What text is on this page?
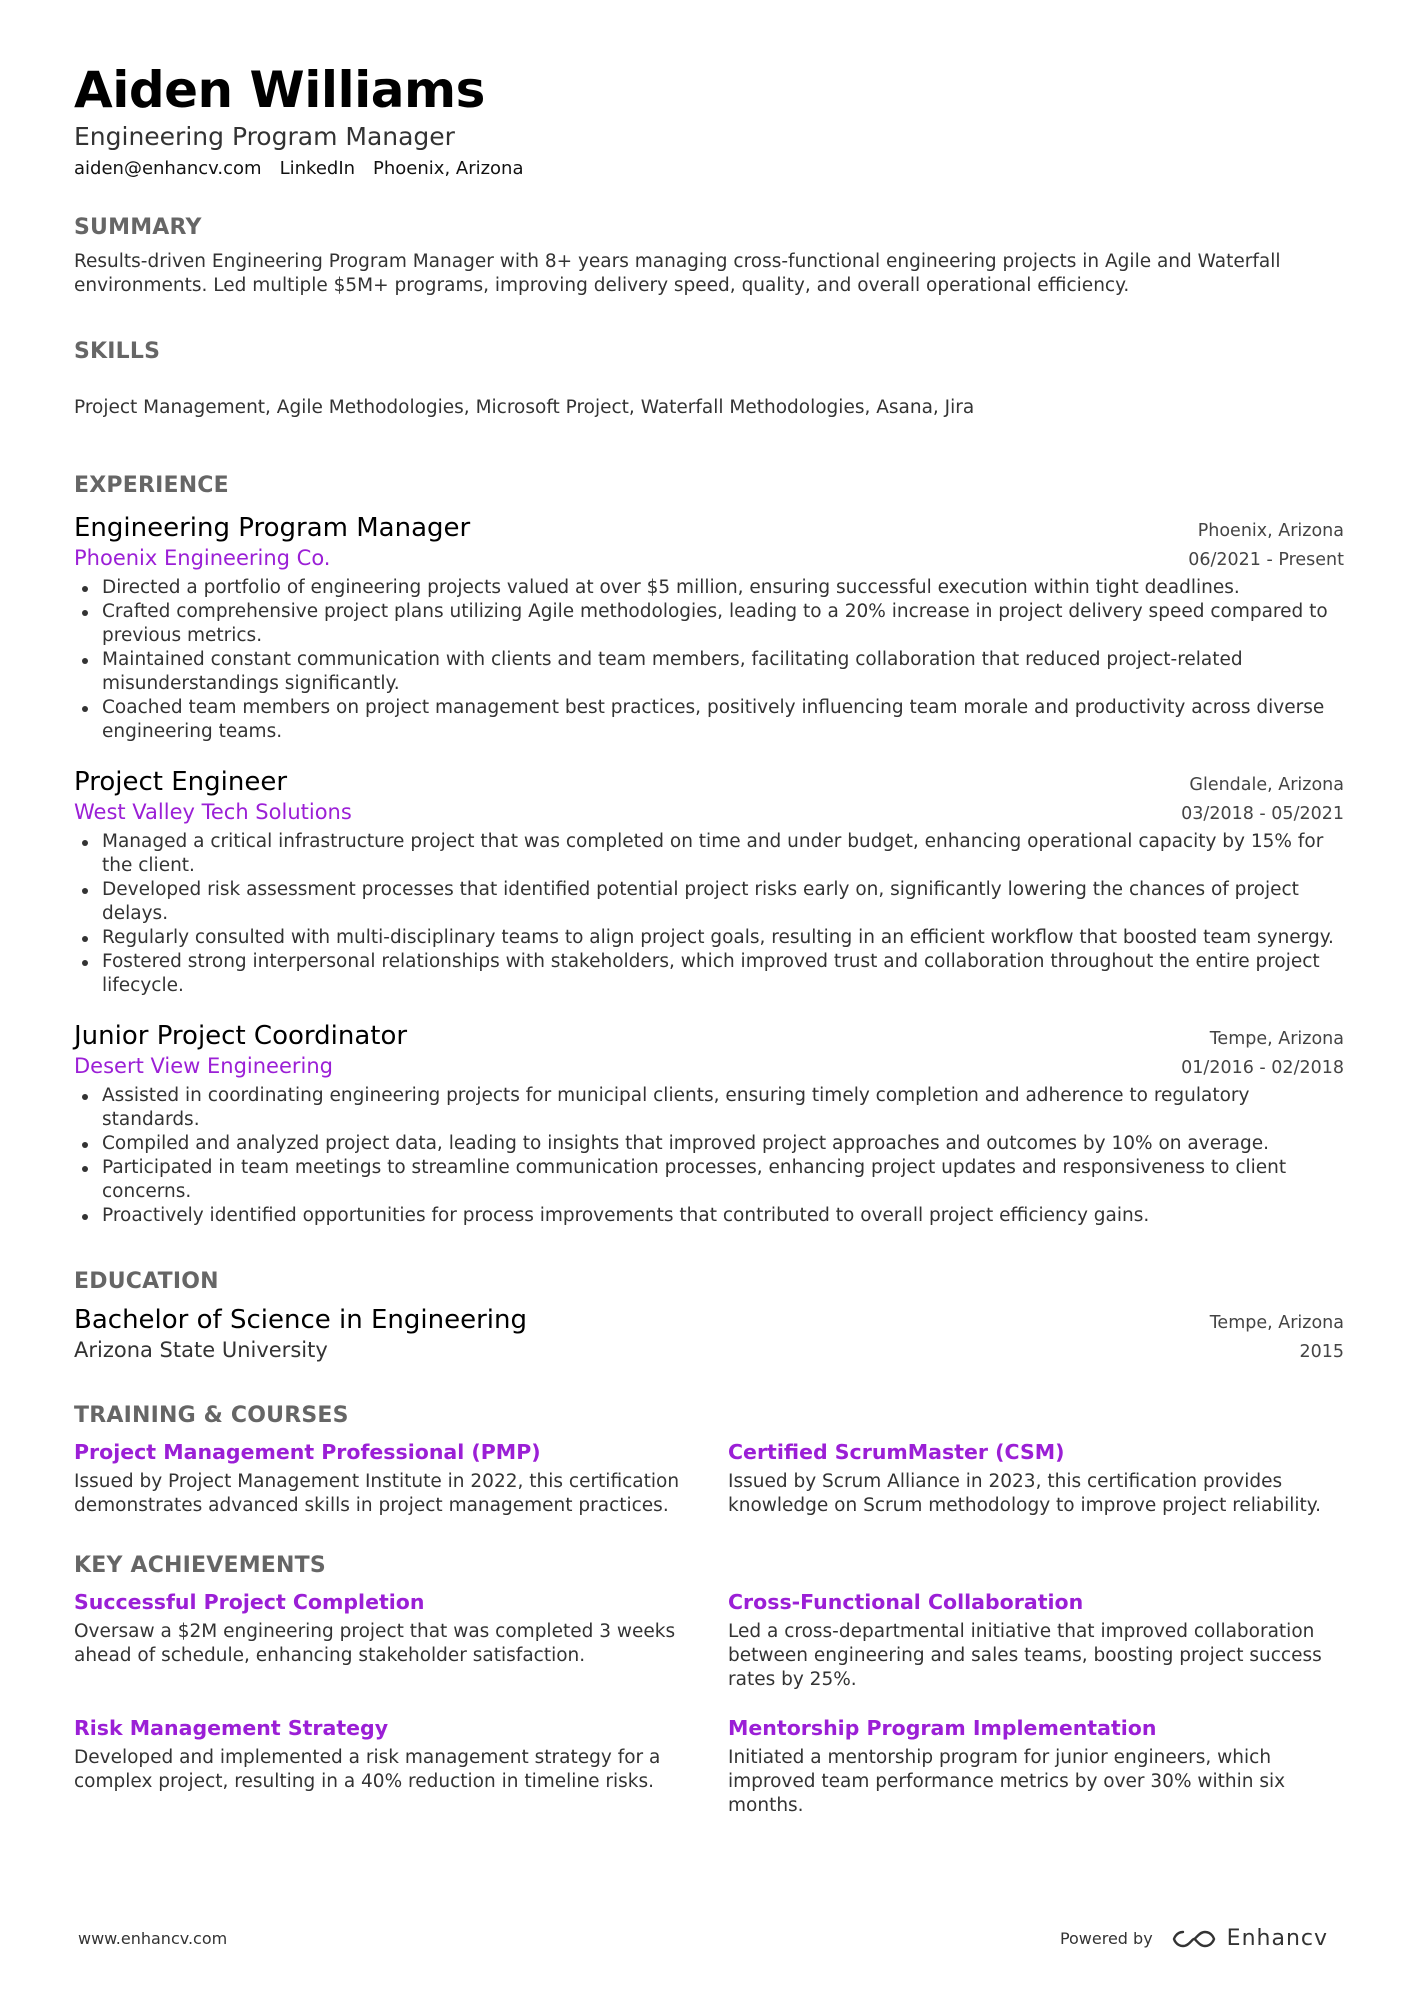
Aiden Williams
Engineering Program Manager
aiden@enhancv.com LinkedIn Phoenix, Arizona
SUMMARY

Results-driven Engineering Program Manager with 8+ years managing cross-functional engineering projects in Agile and Waterfall environments. Led multiple $5M+ programs, improving delivery speed, quality, and overall operational efficiency.

SKILLS

Project Management, Agile Methodologies, Microsoft Project, Waterfall Methodologies, Asana, Jira

EXPERIENCE
Engineering Program Manager	Phoenix, Arizona
Phoenix Engineering Co.	06/2021 - Present
Directed a portfolio of engineering projects valued at over $5 million, ensuring successful execution within tight deadlines.
Crafted comprehensive project plans utilizing Agile methodologies, leading to a 20% increase in project delivery speed compared to previous metrics.
Maintained constant communication with clients and team members, facilitating collaboration that reduced project-related misunderstandings significantly.
Coached team members on project management best practices, positively influencing team morale and productivity across diverse engineering teams.
Project Engineer	Glendale, Arizona
West Valley Tech Solutions	03/2018 - 05/2021
Managed a critical infrastructure project that was completed on time and under budget, enhancing operational capacity by 15% for the client.
Developed risk assessment processes that identified potential project risks early on, significantly lowering the chances of project delays.
Regularly consulted with multi-disciplinary teams to align project goals, resulting in an efficient workflow that boosted team synergy.
Fostered strong interpersonal relationships with stakeholders, which improved trust and collaboration throughout the entire project lifecycle.
Junior Project Coordinator	Tempe, Arizona
Desert View Engineering	01/2016 - 02/2018
Assisted in coordinating engineering projects for municipal clients, ensuring timely completion and adherence to regulatory standards.
Compiled and analyzed project data, leading to insights that improved project approaches and outcomes by 10% on average.
Participated in team meetings to streamline communication processes, enhancing project updates and responsiveness to client concerns.
Proactively identified opportunities for process improvements that contributed to overall project efficiency gains.
EDUCATION
Bachelor of Science in Engineering	Tempe, Arizona
Arizona State University	2015
TRAINING & COURSES
Project Management Professional (PMP)
Issued by Project Management Institute in 2022, this certification demonstrates advanced skills in project management practices.
Certified ScrumMaster (CSM)
Issued by Scrum Alliance in 2023, this certification provides knowledge on Scrum methodology to improve project reliability.
KEY ACHIEVEMENTS
Successful Project Completion
Oversaw a $2M engineering project that was completed 3 weeks ahead of schedule, enhancing stakeholder satisfaction.
Cross-Functional Collaboration
Led a cross-departmental initiative that improved collaboration between engineering and sales teams, boosting project success rates by 25%.
Risk Management Strategy
Developed and implemented a risk management strategy for a complex project, resulting in a 40% reduction in timeline risks.
Mentorship Program Implementation
Initiated a mentorship program for junior engineers, which improved team performance metrics by over 30% within six months.
www.enhancv.com	Powered by	Enhancv
